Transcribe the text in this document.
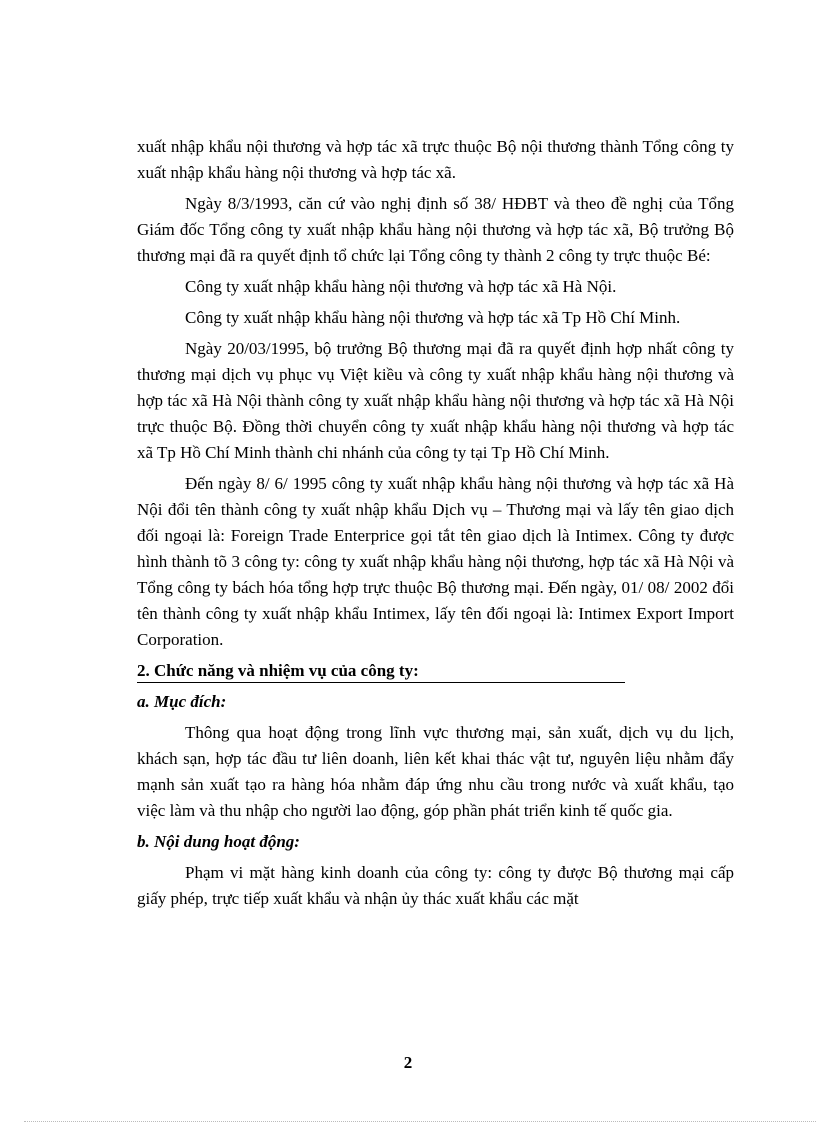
xuất nhập khẩu nội thương và hợp tác xã trực thuộc Bộ nội thương thành Tổng công ty xuất nhập khẩu hàng nội thương và hợp tác xã.

Ngày 8/3/1993, căn cứ vào nghị định số 38/ HĐBT và theo đề nghị của Tổng Giám đốc Tổng công ty xuất nhập khẩu hàng nội thương và hợp tác xã, Bộ trưởng Bộ thương mại đã ra quyết định tổ chức lại Tổng công ty thành 2 công ty trực thuộc Bé:

Công ty xuất nhập khẩu hàng nội thương và hợp tác xã Hà Nội.

Công ty xuất nhập khẩu hàng nội thương và hợp tác xã Tp Hồ Chí Minh.

Ngày 20/03/1995, bộ trưởng Bộ thương mại đã ra quyết định hợp nhất công ty thương mại dịch vụ phục vụ Việt kiều và công ty xuất nhập khẩu hàng nội thương và hợp tác xã Hà Nội thành công ty xuất nhập khẩu hàng nội thương và hợp tác xã Hà Nội trực thuộc Bộ. Đồng thời chuyển công ty xuất nhập khẩu hàng nội thương và hợp tác xã Tp Hồ Chí Minh thành chi nhánh của công ty tại Tp Hồ Chí Minh.

Đến ngày 8/ 6/ 1995 công ty xuất nhập khẩu hàng nội thương và hợp tác xã Hà Nội đổi tên thành công ty xuất nhập khẩu Dịch vụ – Thương mại và lấy tên giao dịch đối ngoại là: Foreign Trade Enterprice gọi tắt tên giao dịch là Intimex. Công ty được hình thành tõ 3 công ty: công ty xuất nhập khẩu hàng nội thương, hợp tác xã Hà Nội và Tổng công ty bách hóa tổng hợp trực thuộc Bộ thương mại. Đến ngày, 01/ 08/ 2002 đổi tên thành công ty xuất nhập khẩu Intimex, lấy tên đối ngoại là: Intimex Export Import Corporation.

2. Chức năng và nhiệm vụ của công ty:

a. Mục đích:

Thông qua hoạt động trong lĩnh vực thương mại, sản xuất, dịch vụ du lịch, khách sạn, hợp tác đầu tư liên doanh, liên kết khai thác vật tư, nguyên liệu nhằm đẩy mạnh sản xuất tạo ra hàng hóa nhằm đáp ứng nhu cầu trong nước và xuất khẩu, tạo việc làm và thu nhập cho người lao động, góp phần phát triển kinh tế quốc gia.

b. Nội dung hoạt động:

Phạm vi mặt hàng kinh doanh của công ty: công ty được Bộ thương mại cấp giấy phép, trực tiếp xuất khẩu và nhận ủy thác xuất khẩu các mặt

2
